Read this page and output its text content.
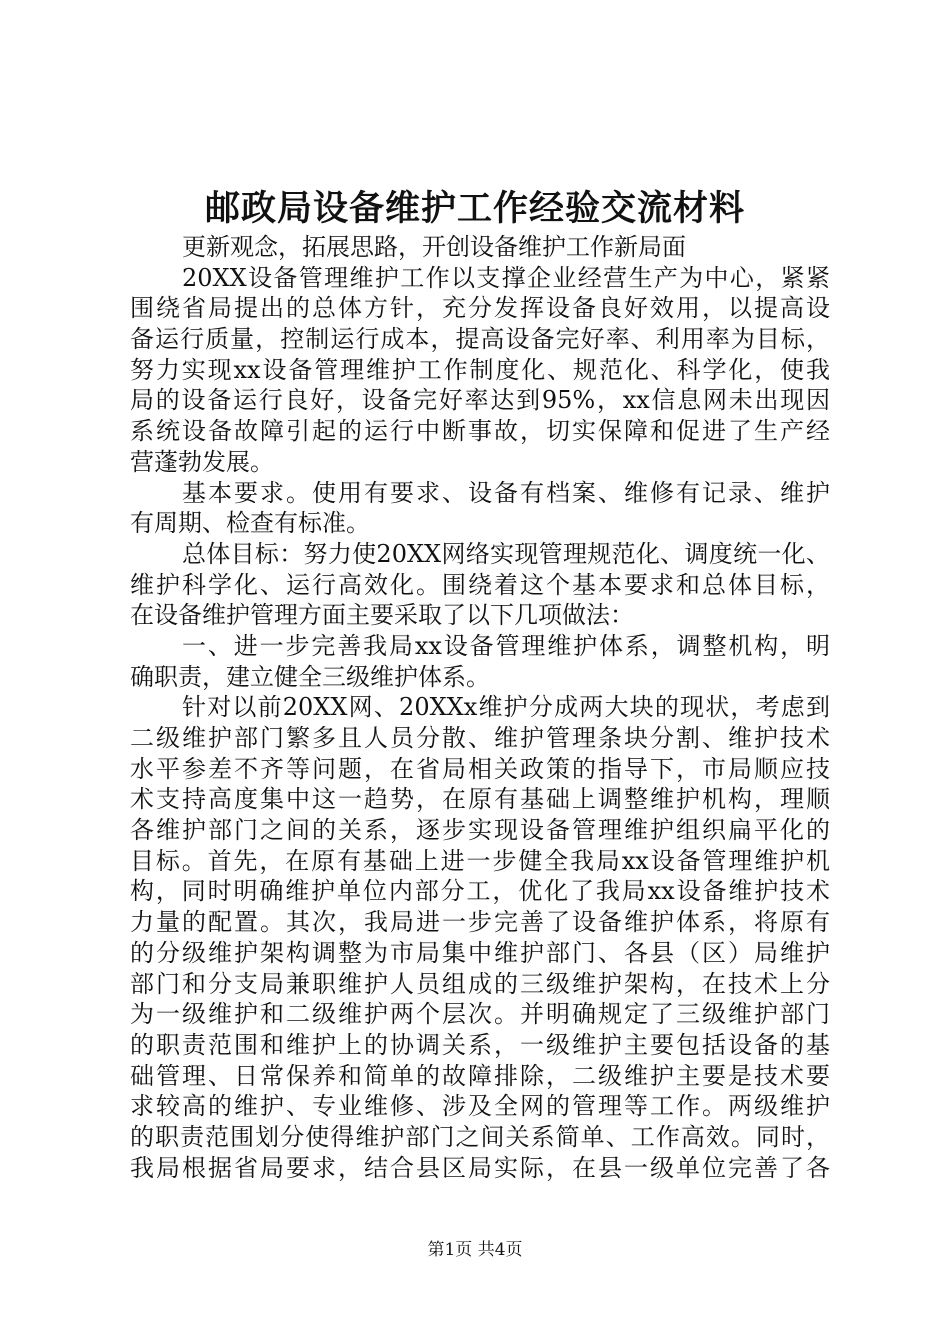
邮政局设备维护工作经验交流材料
更新观念，拓展思路，开创设备维护工作新局面
20XX设备管理维护工作以支撑企业经营生产为中心，紧紧
围绕省局提出的总体方针，充分发挥设备良好效用，以提高设
备运行质量，控制运行成本，提高设备完好率、利用率为目标，
努力实现xx设备管理维护工作制度化、规范化、科学化，使我
局的设备运行良好，设备完好率达到95%，xx信息网未出现因
系统设备故障引起的运行中断事故，切实保障和促进了生产经
营蓬勃发展。
基本要求。使用有要求、设备有档案、维修有记录、维护
有周期、检查有标准。
总体目标：努力使20XX网络实现管理规范化、调度统一化、
维护科学化、运行高效化。围绕着这个基本要求和总体目标，
在设备维护管理方面主要采取了以下几项做法：
一、进一步完善我局xx设备管理维护体系，调整机构，明
确职责，建立健全三级维护体系。
针对以前20XX网、20XXx维护分成两大块的现状，考虑到
二级维护部门繁多且人员分散、维护管理条块分割、维护技术
水平参差不齐等问题，在省局相关政策的指导下，市局顺应技
术支持高度集中这一趋势，在原有基础上调整维护机构，理顺
各维护部门之间的关系，逐步实现设备管理维护组织扁平化的
目标。首先，在原有基础上进一步健全我局xx设备管理维护机
构，同时明确维护单位内部分工，优化了我局xx设备维护技术
力量的配置。其次，我局进一步完善了设备维护体系，将原有
的分级维护架构调整为市局集中维护部门、各县（区）局维护
部门和分支局兼职维护人员组成的三级维护架构，在技术上分
为一级维护和二级维护两个层次。并明确规定了三级维护部门
的职责范围和维护上的协调关系，一级维护主要包括设备的基
础管理、日常保养和简单的故障排除，二级维护主要是技术要
求较高的维护、专业维修、涉及全网的管理等工作。两级维护
的职责范围划分使得维护部门之间关系简单、工作高效。同时，
我局根据省局要求，结合县区局实际，在县一级单位完善了各
第1页 共4页
